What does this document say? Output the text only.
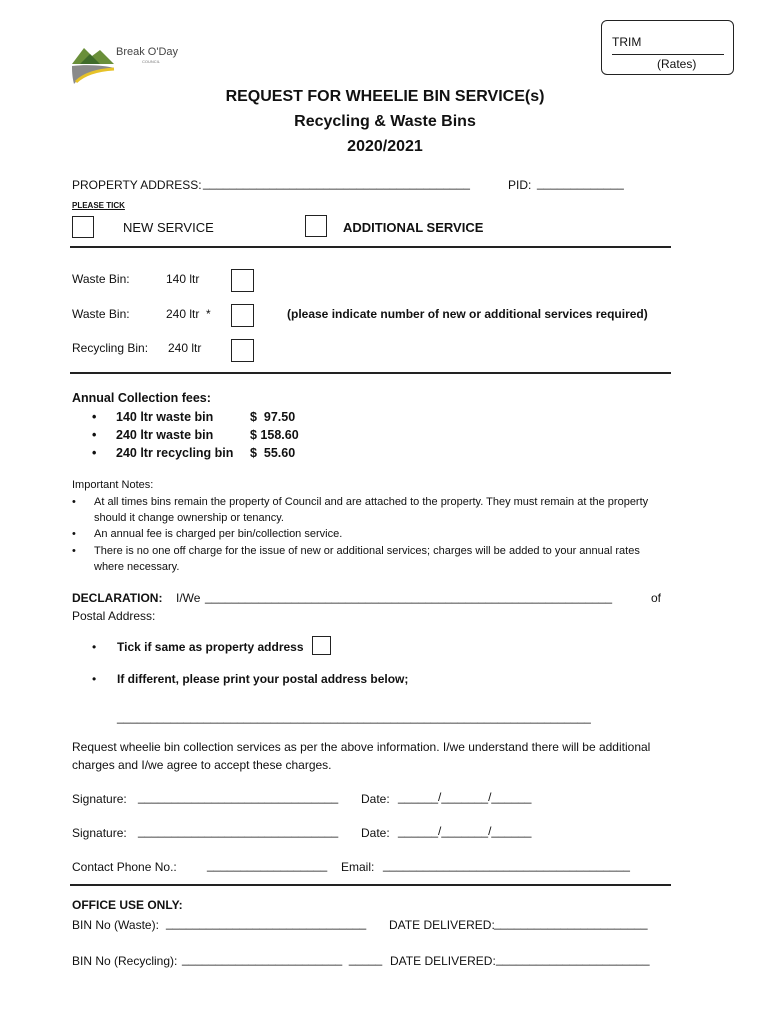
Break O'Day
COUNCIL
TRIM
(Rates)
REQUEST FOR WHEELIE BIN SERVICE(s)
Recycling & Waste Bins
2020/2021
PROPERTY ADDRESS: ________________________________________	PID: _____________
PLEASE TICK
NEW SERVICE	ADDITIONAL SERVICE
Waste Bin:	140 ltr
Waste Bin:	240 ltr  *	(please indicate number of new or additional services required)
Recycling Bin: 240 ltr
Annual Collection fees:
•	140 ltr waste bin	$  97.50
•	240 ltr waste bin	$ 158.60
•	240 ltr recycling bin	$  55.60
Important Notes:
• At all times bins remain the property of Council and are attached to the property. They must remain at the property should it change ownership or tenancy.
• An annual fee is charged per bin/collection service.
• There is no one off charge for the issue of new or additional services; charges will be added to your annual rates where necessary.
DECLARATION: I/We _____________________________________________________________	of
Postal Address:
• Tick if same as property address
• If different, please print your postal address below;
_______________________________________________________________________
Request wheelie bin collection services as per the above information. I/we understand there will be additional charges and I/we agree to accept these charges.
Signature: ______________________________ Date: ______/_______/______
Signature: ______________________________ Date: ______/_______/______
Contact Phone No.:	__________________ Email: _____________________________________
OFFICE USE ONLY:
BIN No (Waste): ______________________________ DATE DELIVERED: _______________________
BIN No (Recycling): ________________________  _____ DATE DELIVERED: _______________________
